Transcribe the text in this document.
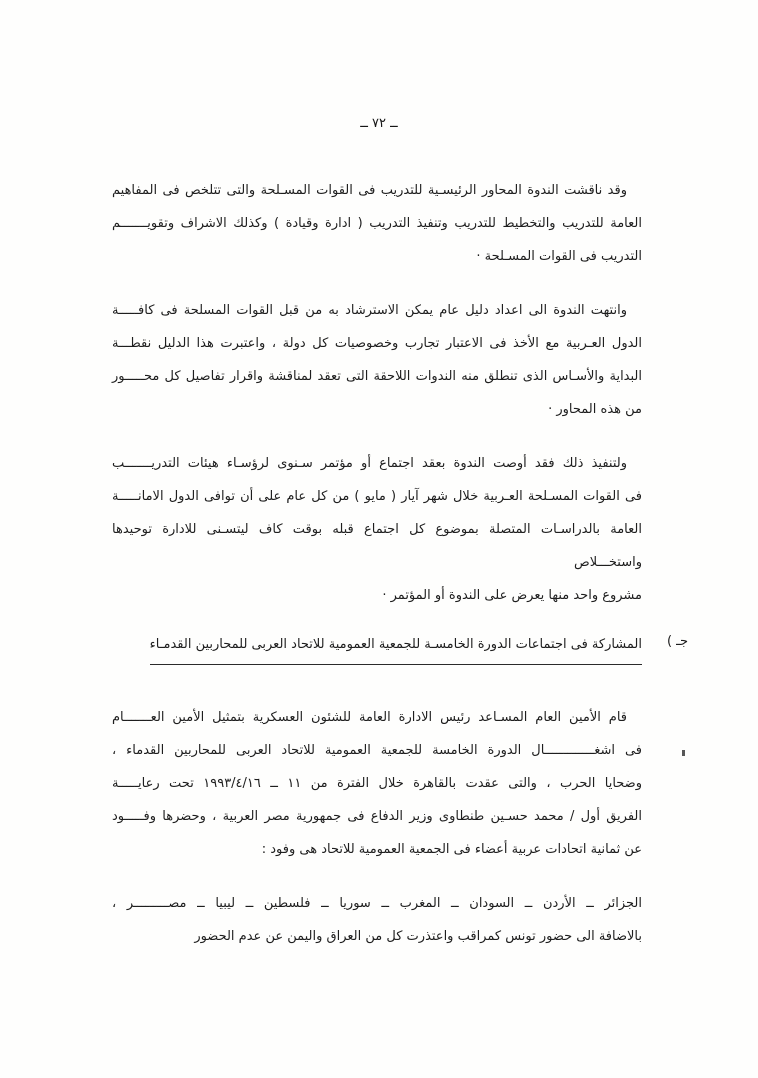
ــ ٧٢ ــ
وقد ناقشت الندوة المحاور الرئيسـية للتدريب فى القوات المسـلحة والتى تتلخص فى المفاهيم
العامة للتدريب والتخطيط للتدريب وتنفيذ التدريب ( ادارة وقيادة ) وكذلك الاشراف وتقويـــــــم
التدريب فى القوات المسـلحة ·
وانتهت الندوة الى اعداد دليل عام يمكن الاسترشاد به من قبل القوات المسلحة فى كافـــــة
الدول العـربية مع الأخذ فى الاعتبار تجارب وخصوصيات كل دولة ، واعتبرت هذا الدليل نقطـــة
البداية والأسـاس الذى تنطلق منه الندوات اللاحقة التى تعقد لمناقشة واقرار تفاصيل كل محـــــور
من هذه المحاور ·
ولتنفيذ ذلك فقد أوصت الندوة بعقد اجتماع أو مؤتمر سـنوى لرؤسـاء هيئات التدريـــــــب
فى القوات المسـلحة العـربية خلال شهر آيار ( مايو ) من كل عام على أن توافى الدول الامانـــــة
العامة بالدراسـات المتصلة بموضوع كل اجتماع قبله بوقت كاف ليتسـنى للادارة توحيدها واستخـــلاص
مشروع واحد منها يعرض على الندوة أو المؤتمر ·
جـ )
المشاركة فى اجتماعات الدورة الخامسـة للجمعية العمومية للاتحاد العربى للمحاربين القدمـاء
قام الأمين العام المسـاعد رئيس الادارة العامة للشئون العسكرية بتمثيل الأمين العـــــــام
فى اشغـــــــــــــال الدورة الخامسة للجمعية العمومية للاتحاد العربى للمحاربين القدماء ،
وضحايا الحرب ، والتى عقدت بالقاهرة خلال الفترة من ١١ ــ ١٩٩٣/٤/١٦ تحت رعايـــــة
الفريق أول / محمد حسـين طنطاوى وزير الدفاع فى جمهورية مصر العربية ، وحضرها وفـــــود
عن ثمانية اتحادات عربية أعضاء فى الجمعية العمومية للاتحاد هى وفود :
الجزائر ــ الأردن ــ السودان ــ المغرب ــ سوريا ــ فلسطين ــ ليبيا ــ مصـــــــــر ،
بالاضافة الى حضور تونس كمراقب واعتذرت كل من العراق واليمن عن عدم الحضور
